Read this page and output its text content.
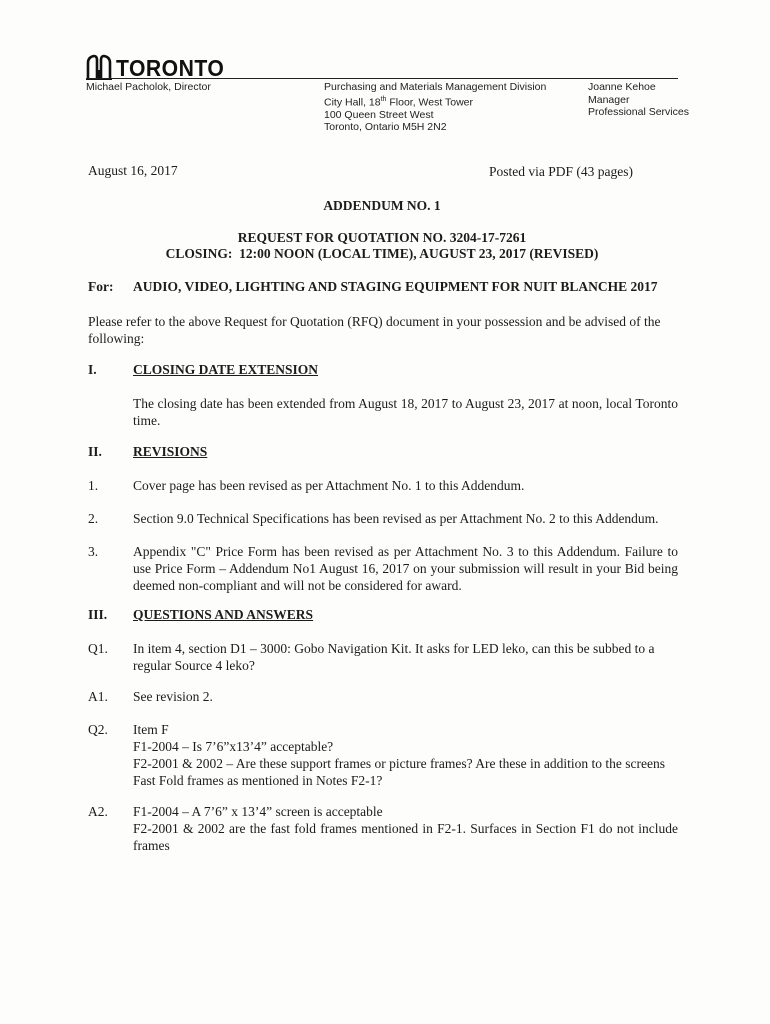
TORONTO
Michael Pacholok, Director	Purchasing and Materials Management Division
City Hall, 18th Floor, West Tower
100 Queen Street West
Toronto, Ontario M5H 2N2
Joanne Kehoe
Manager
Professional Services
August 16, 2017	Posted via PDF (43 pages)
ADDENDUM NO. 1
REQUEST FOR QUOTATION NO. 3204-17-7261
CLOSING:  12:00 NOON (LOCAL TIME), AUGUST 23, 2017 (REVISED)
For: AUDIO, VIDEO, LIGHTING AND STAGING EQUIPMENT FOR NUIT BLANCHE 2017
Please refer to the above Request for Quotation (RFQ) document in your possession and be advised of the following:
I.	CLOSING DATE EXTENSION
The closing date has been extended from August 18, 2017 to August 23, 2017 at noon, local Toronto time.
II. REVISIONS
1.	Cover page has been revised as per Attachment No. 1 to this Addendum.
2.	Section 9.0 Technical Specifications has been revised as per Attachment No. 2 to this Addendum.
3.	Appendix "C" Price Form has been revised as per Attachment No. 3 to this Addendum. Failure to use Price Form – Addendum No1 August 16, 2017 on your submission will result in your Bid being deemed non-compliant and will not be considered for award.
III. QUESTIONS AND ANSWERS
Q1. In item 4, section D1 – 3000: Gobo Navigation Kit. It asks for LED leko, can this be subbed to a regular Source 4 leko?
A1. See revision 2.
Q2. Item F
F1-2004 – Is 7’6”x13’4” acceptable?
F2-2001 & 2002 – Are these support frames or picture frames? Are these in addition to the screens Fast Fold frames as mentioned in Notes F2-1?
A2. F1-2004 – A 7’6” x 13’4” screen is acceptable
F2-2001 & 2002 are the fast fold frames mentioned in F2-1. Surfaces in Section F1 do not include frames
